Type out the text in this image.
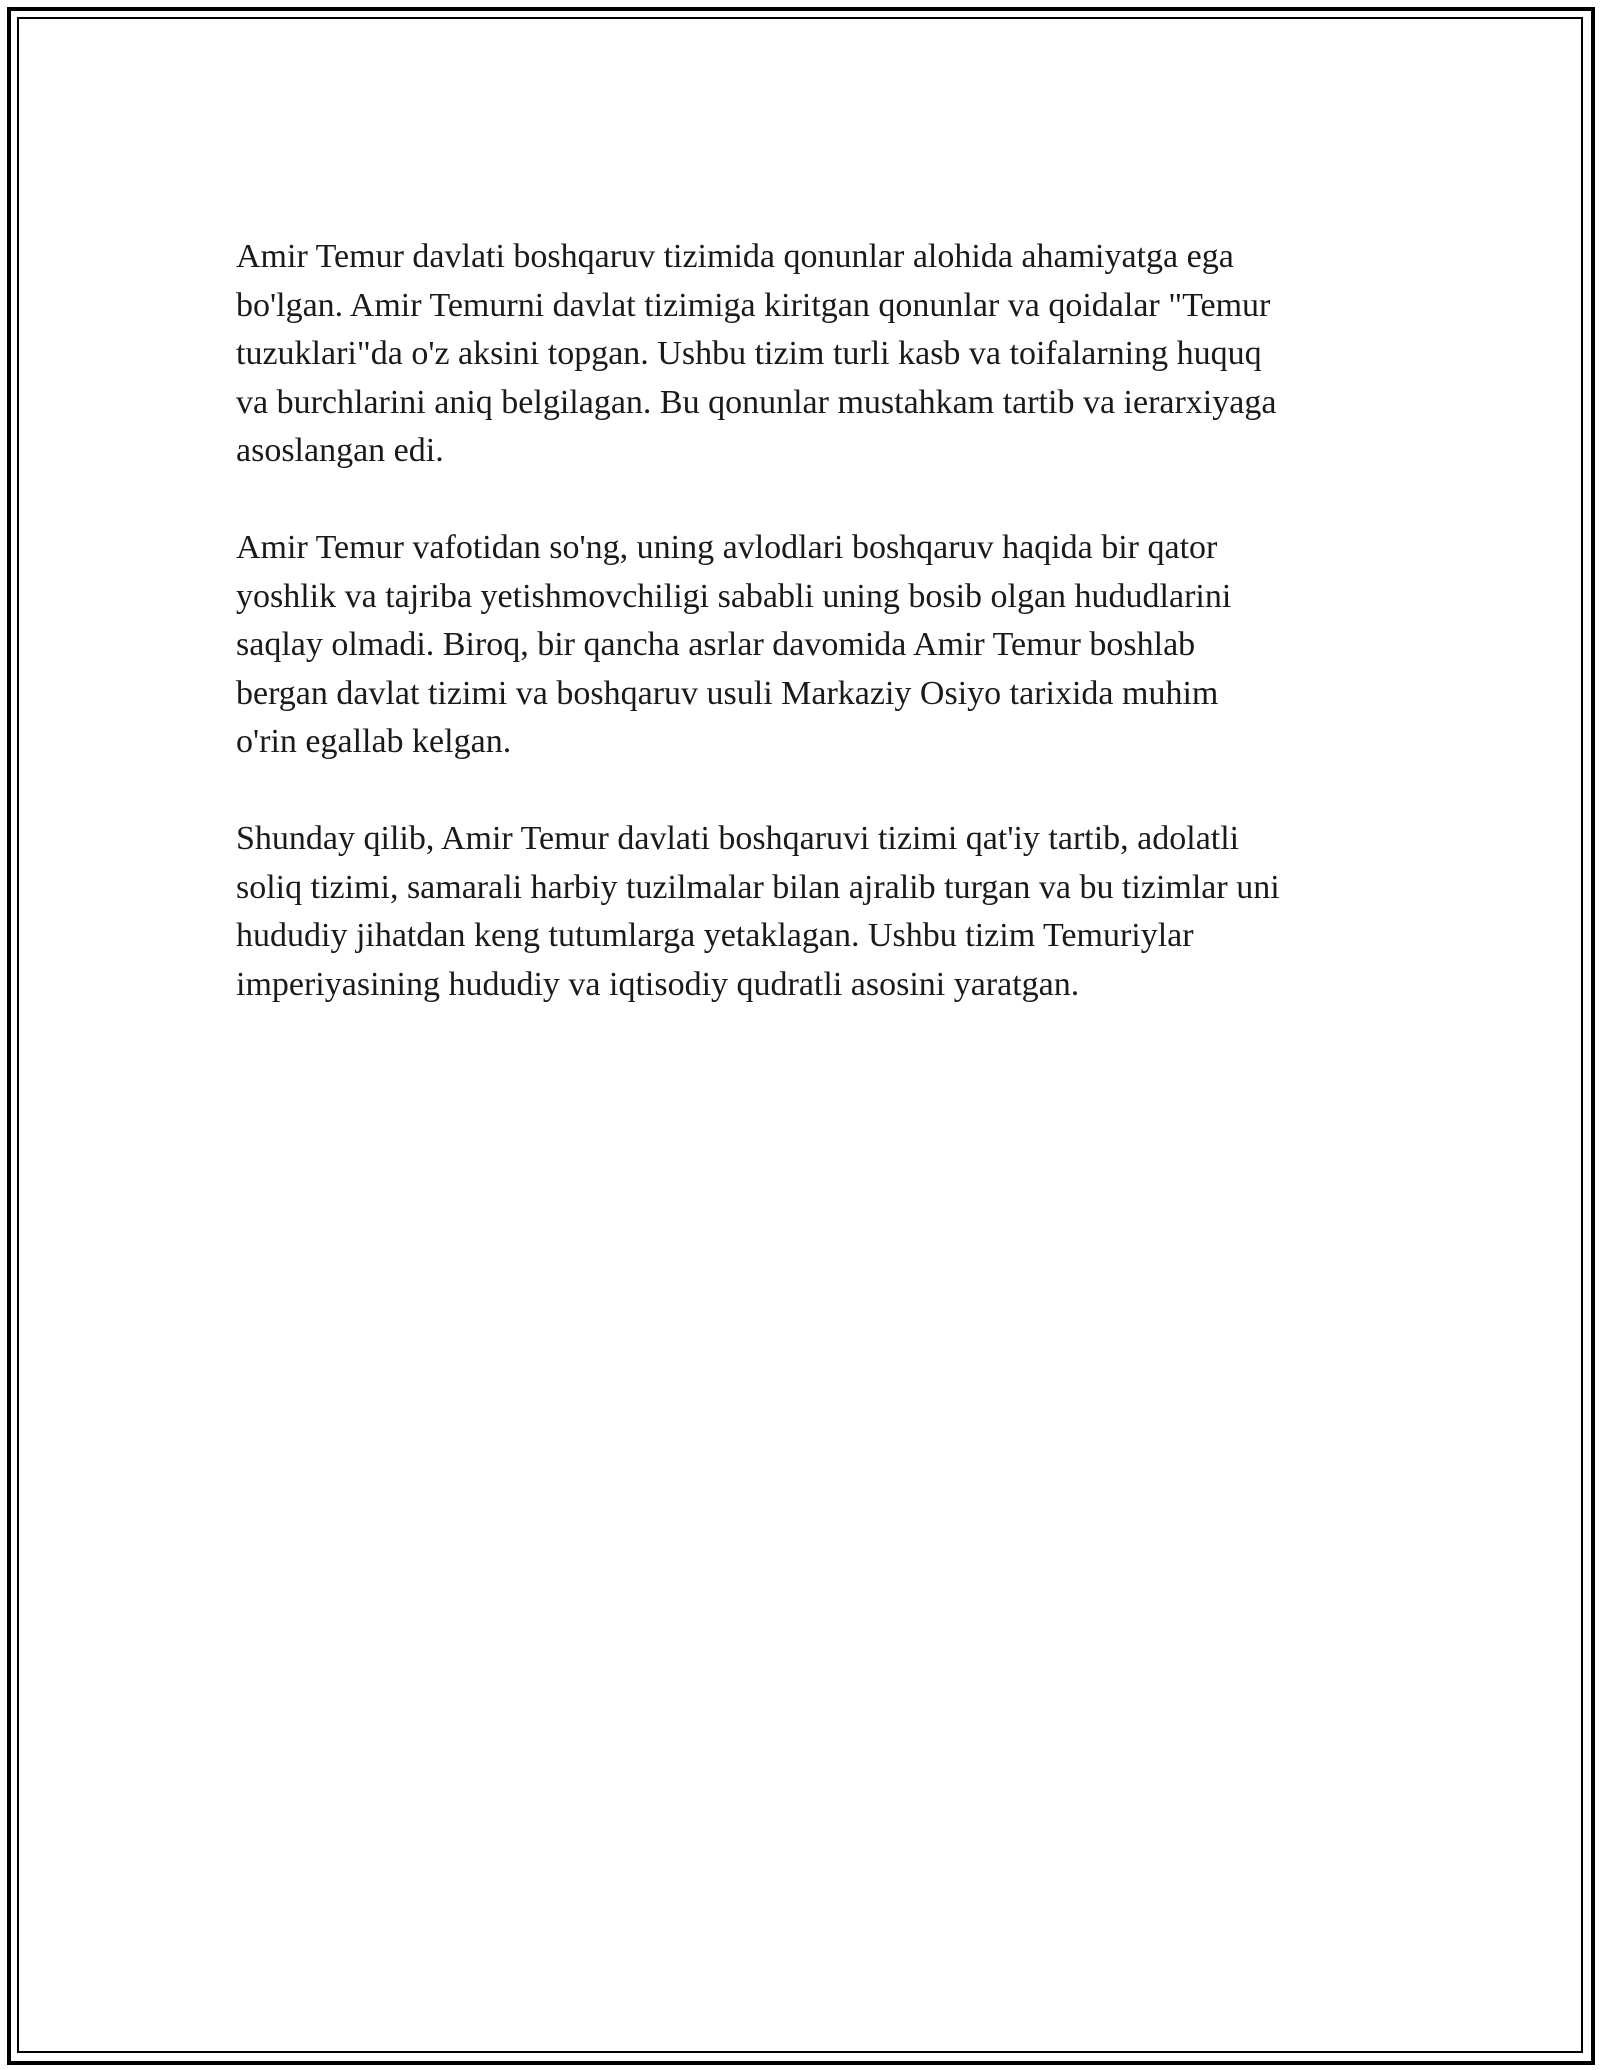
Amir Temur davlati boshqaruv tizimida qonunlar alohida ahamiyatga ega
bo'lgan. Amir Temurni davlat tizimiga kiritgan qonunlar va qoidalar "Temur
tuzuklari"da o'z aksini topgan. Ushbu tizim turli kasb va toifalarning huquq
va burchlarini aniq belgilagan. Bu qonunlar mustahkam tartib va ierarxiyaga
asoslangan edi.

Amir Temur vafotidan so'ng, uning avlodlari boshqaruv haqida bir qator
yoshlik va tajriba yetishmovchiligi sababli uning bosib olgan hududlarini
saqlay olmadi. Biroq, bir qancha asrlar davomida Amir Temur boshlab
bergan davlat tizimi va boshqaruv usuli Markaziy Osiyo tarixida muhim
o'rin egallab kelgan.

Shunday qilib, Amir Temur davlati boshqaruvi tizimi qat'iy tartib, adolatli
soliq tizimi, samarali harbiy tuzilmalar bilan ajralib turgan va bu tizimlar uni
hududiy jihatdan keng tutumlarga yetaklagan. Ushbu tizim Temuriylar
imperiyasining hududiy va iqtisodiy qudratli asosini yaratgan.
